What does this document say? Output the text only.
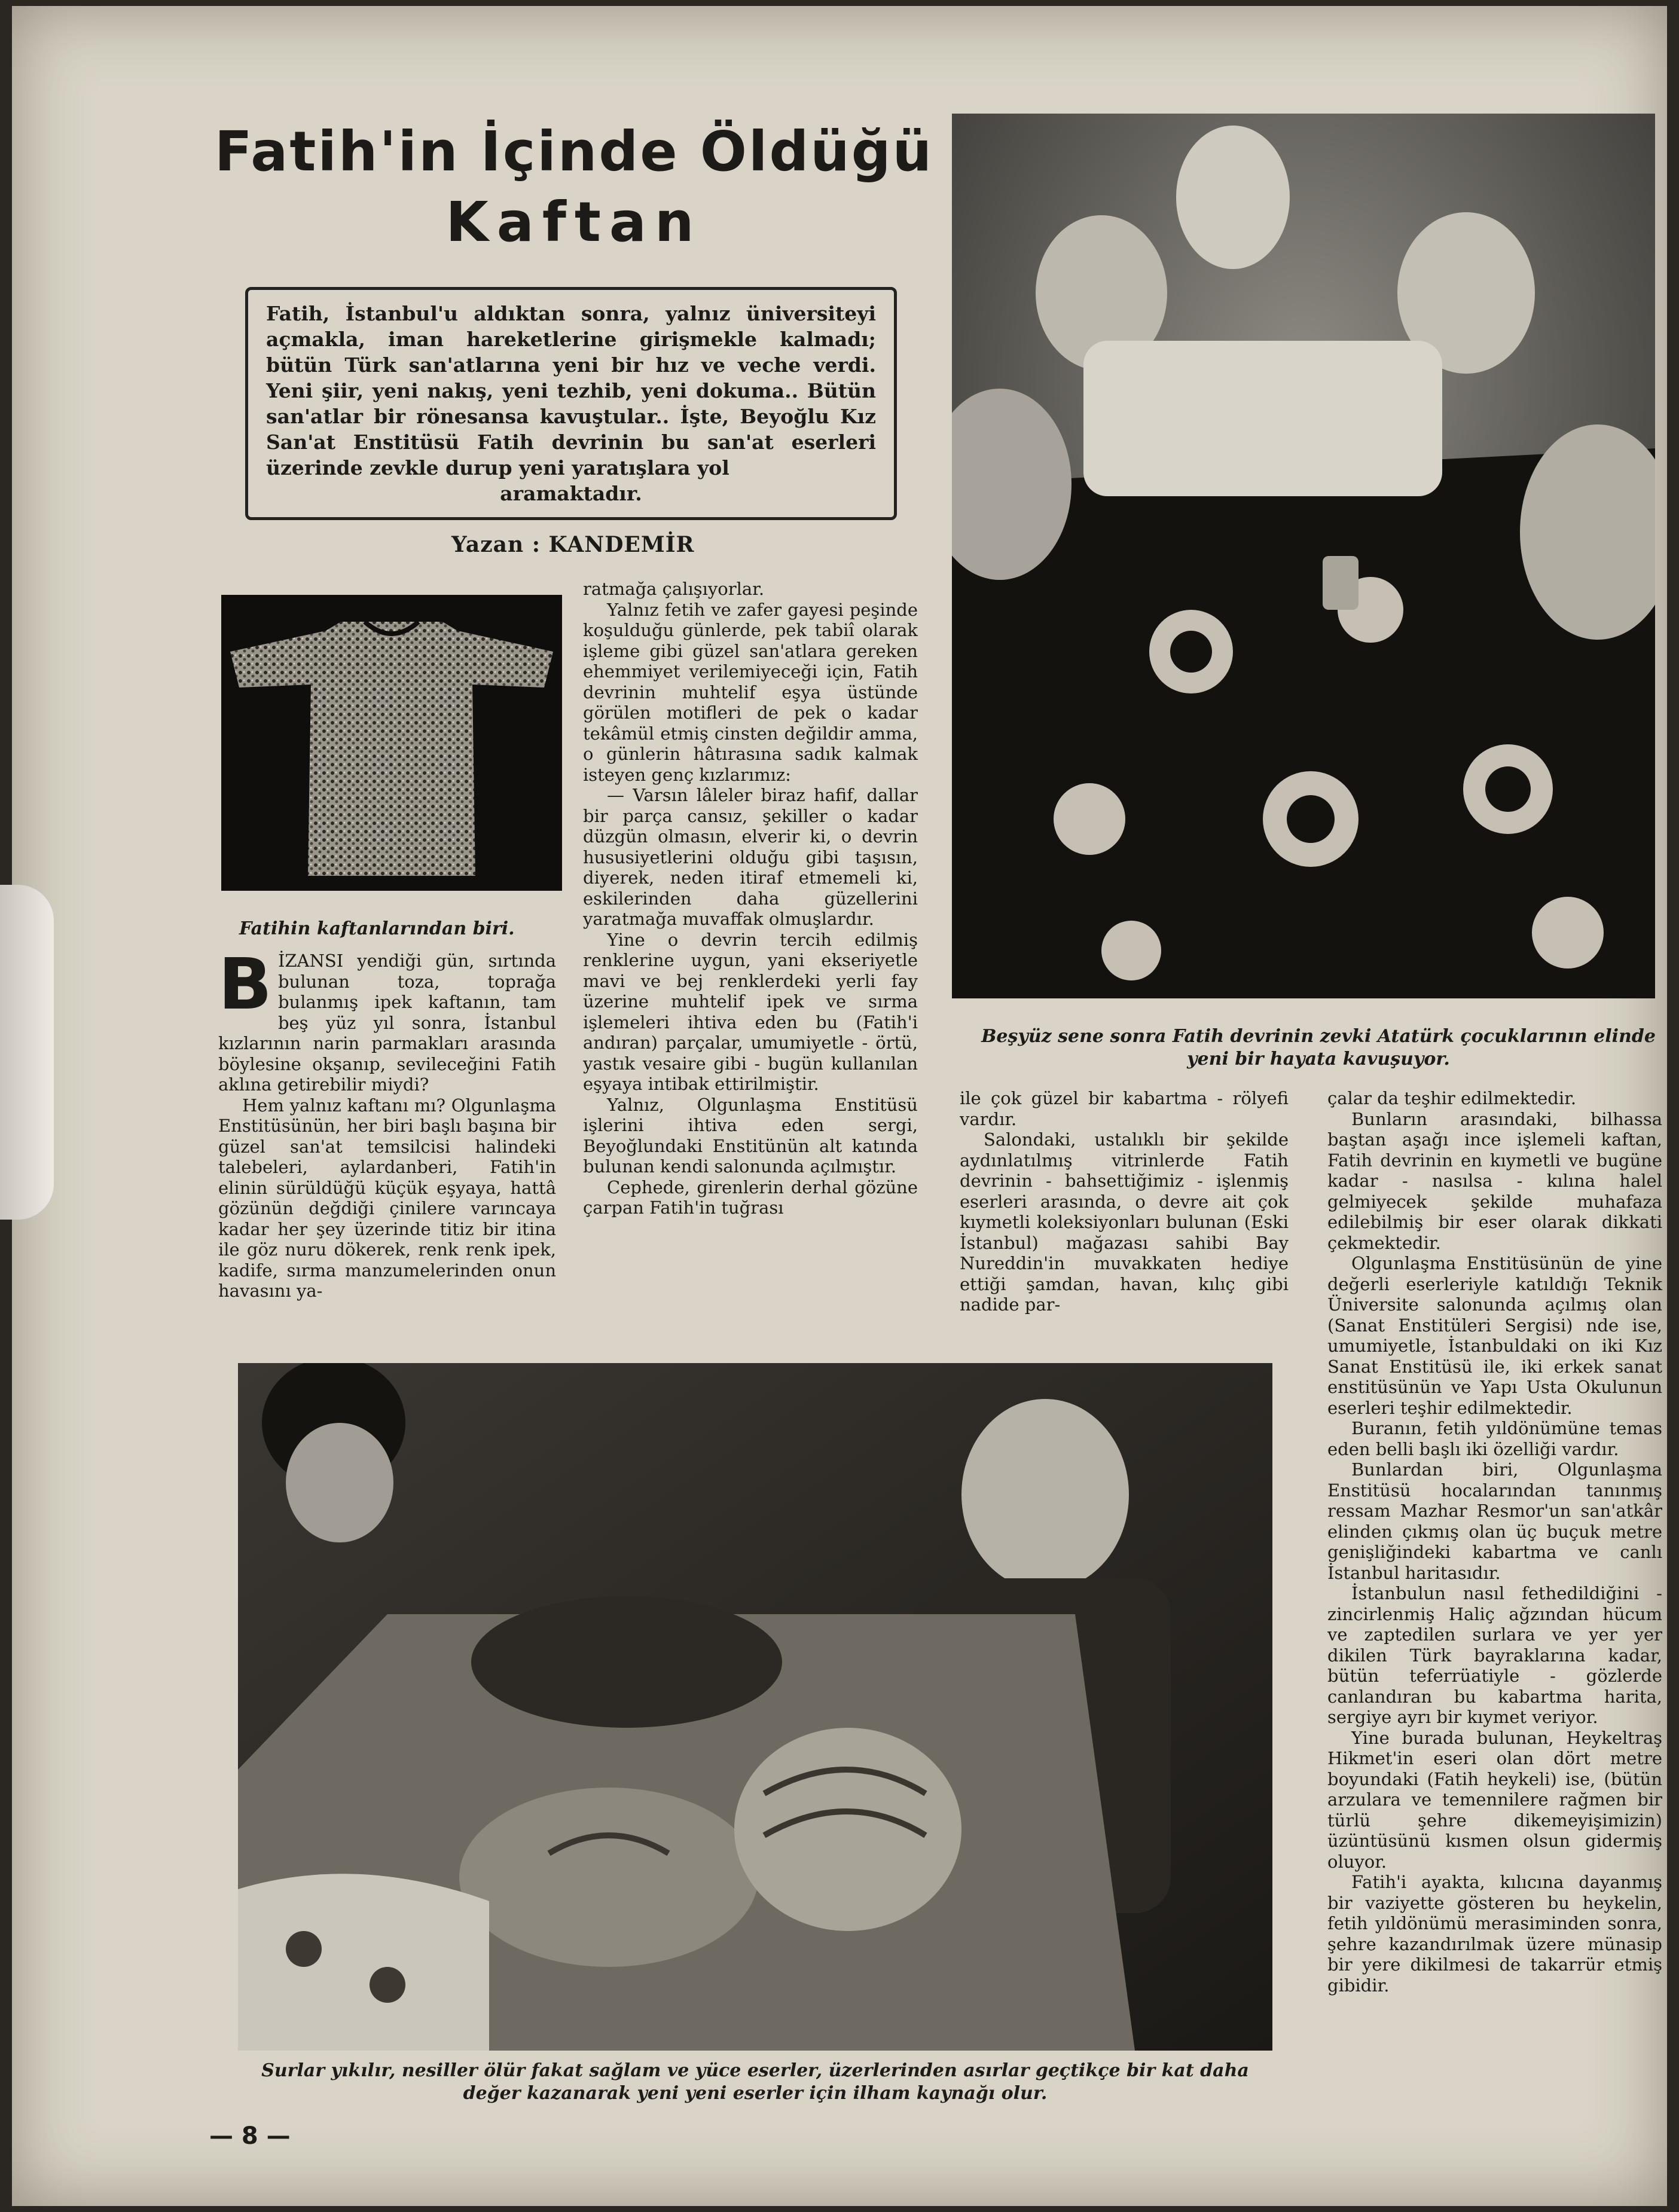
Fatih'in İçinde Öldüğü
Kaftan
Fatih, İstanbul'u aldıktan sonra, yalnız üniversiteyi açmakla, iman hareketlerine girişmekle kalmadı; bütün Türk san'atlarına yeni bir hız ve veche verdi. Yeni şiir, yeni nakış, yeni tezhib, yeni dokuma.. Bütün san'atlar bir rönesansa kavuştular.. İşte, Beyoğlu Kız San'at Enstitüsü Fatih devrinin bu san'at eserleri üzerinde zevkle durup yeni yaratışlara yol
aramaktadır.
Yazan : KANDEMİR
Fatihin kaftanlarından biri.
Beşyüz sene sonra Fatih devrinin zevki Atatürk çocuklarının elinde yeni bir hayata kavuşuyor.
Surlar yıkılır, nesiller ölür fakat sağlam ve yüce eserler, üzerlerinden asırlar geçtikçe bir kat daha değer kazanarak yeni yeni eserler için ilham kaynağı olur.

BİZANSI yendiği gün, sırtında bulunan toza, toprağa bulanmış ipek kaftanın, tam beş yüz yıl sonra, İstanbul kızlarının narin parmakları arasında böylesine okşanıp, sevileceğini Fatih aklına getirebilir miydi?

Hem yalnız kaftanı mı? Olgunlaşma Enstitüsünün, her biri başlı başına bir güzel san'at temsilcisi halindeki talebeleri, aylardanberi, Fatih'in elinin sürüldüğü küçük eşyaya, hattâ gözünün değdiği çinilere varıncaya kadar her şey üzerinde titiz bir itina ile göz nuru dökerek, renk renk ipek, kadife, sırma manzumelerinden onun havasını ya-

ratmağa çalışıyorlar.

Yalnız fetih ve zafer gayesi peşinde koşulduğu günlerde, pek tabiî olarak işleme gibi güzel san'atlara gereken ehemmiyet verilemiyeceği için, Fatih devrinin muhtelif eşya üstünde görülen motifleri de pek o kadar tekâmül etmiş cinsten değildir amma, o günlerin hâtırasına sadık kalmak isteyen genç kızlarımız:

— Varsın lâleler biraz hafif, dallar bir parça cansız, şekiller o kadar düzgün olmasın, elverir ki, o devrin hususiyetlerini olduğu gibi taşısın, diyerek, neden itiraf etmemeli ki, eskilerinden daha güzellerini yaratmağa muvaffak olmuşlardır.

Yine o devrin tercih edilmiş renklerine uygun, yani ekseriyetle mavi ve bej renklerdeki yerli fay üzerine muhtelif ipek ve sırma işlemeleri ihtiva eden bu (Fatih'i andıran) parçalar, umumiyetle - örtü, yastık vesaire gibi - bugün kullanılan eşyaya intibak ettirilmiştir.

Yalnız, Olgunlaşma Enstitüsü işlerini ihtiva eden sergi, Beyoğlundaki Enstitünün alt katında bulunan kendi salonunda açılmıştır.

Cephede, girenlerin derhal gözüne çarpan Fatih'in tuğrası

ile çok güzel bir kabartma - rölyefi vardır.

Salondaki, ustalıklı bir şekilde aydınlatılmış vitrinlerde Fatih devrinin - bahsettiğimiz - işlenmiş eserleri arasında, o devre ait çok kıymetli koleksiyonları bulunan (Eski İstanbul) mağazası sahibi Bay Nureddin'in muvakkaten hediye ettiği şamdan, havan, kılıç gibi nadide par-

çalar da teşhir edilmektedir.

Bunların arasındaki, bilhassa baştan aşağı ince işlemeli kaftan, Fatih devrinin en kıymetli ve bugüne kadar - nasılsa - kılına halel gelmiyecek şekilde muhafaza edilebilmiş bir eser olarak dikkati çekmektedir.

Olgunlaşma Enstitüsünün de yine değerli eserleriyle katıldığı Teknik Üniversite salonunda açılmış olan (Sanat Enstitüleri Sergisi) nde ise, umumiyetle, İstanbuldaki on iki Kız Sanat Enstitüsü ile, iki erkek sanat enstitüsünün ve Yapı Usta Okulunun eserleri teşhir edilmektedir.

Buranın, fetih yıldönümüne temas eden belli başlı iki özelliği vardır.

Bunlardan biri, Olgunlaşma Enstitüsü hocalarından tanınmış ressam Mazhar Resmor'un san'atkâr elinden çıkmış olan üç buçuk metre genişliğindeki kabartma ve canlı İstanbul haritasıdır.

İstanbulun nasıl fethedildiğini - zincirlenmiş Haliç ağzından hücum ve zaptedilen surlara ve yer yer dikilen Türk bayraklarına kadar, bütün teferrüatiyle - gözlerde canlandıran bu kabartma harita, sergiye ayrı bir kıymet veriyor.

Yine burada bulunan, Heykeltraş Hikmet'in eseri olan dört metre boyundaki (Fatih heykeli) ise, (bütün arzulara ve temennilere rağmen bir türlü şehre dikemeyişimizin) üzüntüsünü kısmen olsun gidermiş oluyor.

Fatih'i ayakta, kılıcına dayanmış bir vaziyette gösteren bu heykelin, fetih yıldönümü merasiminden sonra, şehre kazandırılmak üzere münasip bir yere dikilmesi de takarrür etmiş gibidir.

— 8 —
